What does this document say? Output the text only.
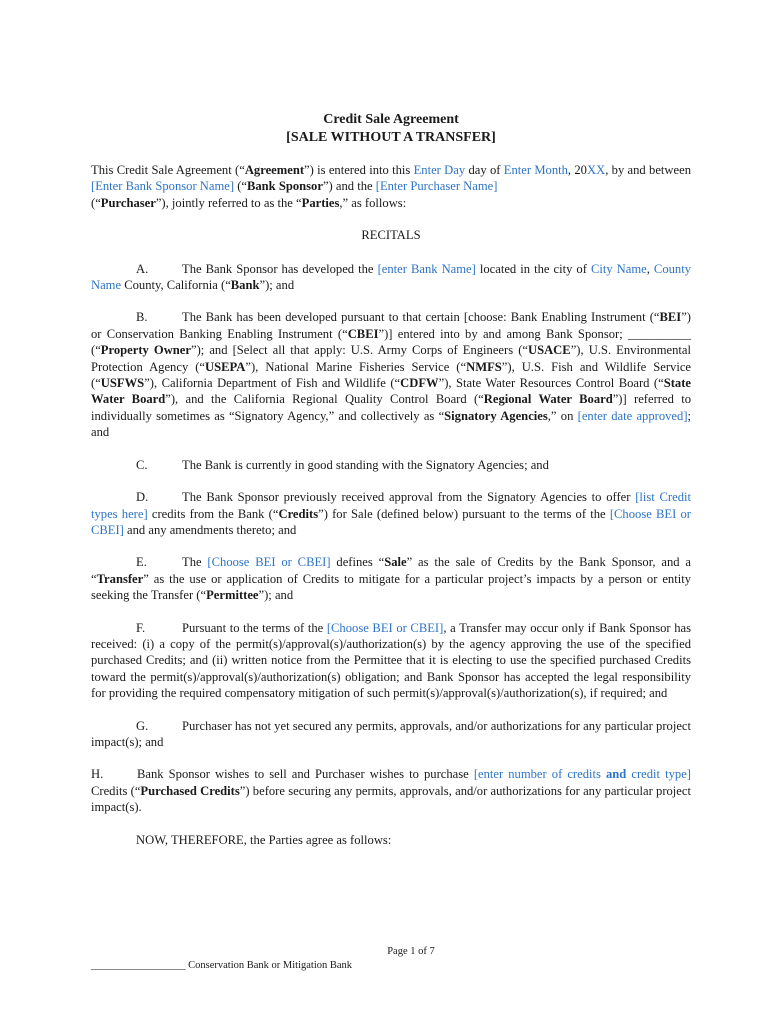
Credit Sale Agreement
[SALE WITHOUT A TRANSFER]

This Credit Sale Agreement (“Agreement”) is entered into this Enter Day day of Enter Month, 20XX, by and between [Enter Bank Sponsor Name] (“Bank Sponsor”) and the [Enter Purchaser Name]
(“Purchaser”), jointly referred to as the “Parties,” as follows:

RECITALS

A.	The Bank Sponsor has developed the [enter Bank Name] located in the city of City Name, County Name County, California (“Bank”); and

B.	The Bank has been developed pursuant to that certain [choose: Bank Enabling Instrument (“BEI”) or Conservation Banking Enabling Instrument (“CBEI”)] entered into by and among Bank Sponsor; __________ (“Property Owner”); and [Select all that apply: U.S. Army Corps of Engineers (“USACE”), U.S. Environmental Protection Agency (“USEPA”), National Marine Fisheries Service (“NMFS”), U.S. Fish and Wildlife Service (“USFWS”), California Department of Fish and Wildlife (“CDFW”), State Water Resources Control Board (“State Water Board”), and the California Regional Quality Control Board (“Regional Water Board”)] referred to individually sometimes as “Signatory Agency,” and collectively as “Signatory Agencies,” on [enter date approved]; and

C.	The Bank is currently in good standing with the Signatory Agencies; and

D.	The Bank Sponsor previously received approval from the Signatory Agencies to offer [list Credit types here] credits from the Bank (“Credits”) for Sale (defined below) pursuant to the terms of the [Choose BEI or CBEI] and any amendments thereto; and

E.	The [Choose BEI or CBEI] defines “Sale” as the sale of Credits by the Bank Sponsor, and a “Transfer” as the use or application of Credits to mitigate for a particular project’s impacts by a person or entity seeking the Transfer (“Permittee”); and

F.	Pursuant to the terms of the [Choose BEI or CBEI], a Transfer may occur only if Bank Sponsor has received: (i) a copy of the permit(s)/approval(s)/authorization(s) by the agency approving the use of the specified purchased Credits; and (ii) written notice from the Permittee that it is electing to use the specified purchased Credits toward the permit(s)/approval(s)/authorization(s) obligation; and Bank Sponsor has accepted the legal responsibility for providing the required compensatory mitigation of such permit(s)/approval(s)/authorization(s), if required; and

G.	Purchaser has not yet secured any permits, approvals, and/or authorizations for any particular project impact(s); and

H.	Bank Sponsor wishes to sell and Purchaser wishes to purchase [enter number of credits and credit type] Credits (“Purchased Credits”) before securing any permits, approvals, and/or authorizations for any particular project impact(s).

NOW, THEREFORE, the Parties agree as follows:

Page 1 of 7
__________________ Conservation Bank or Mitigation Bank
